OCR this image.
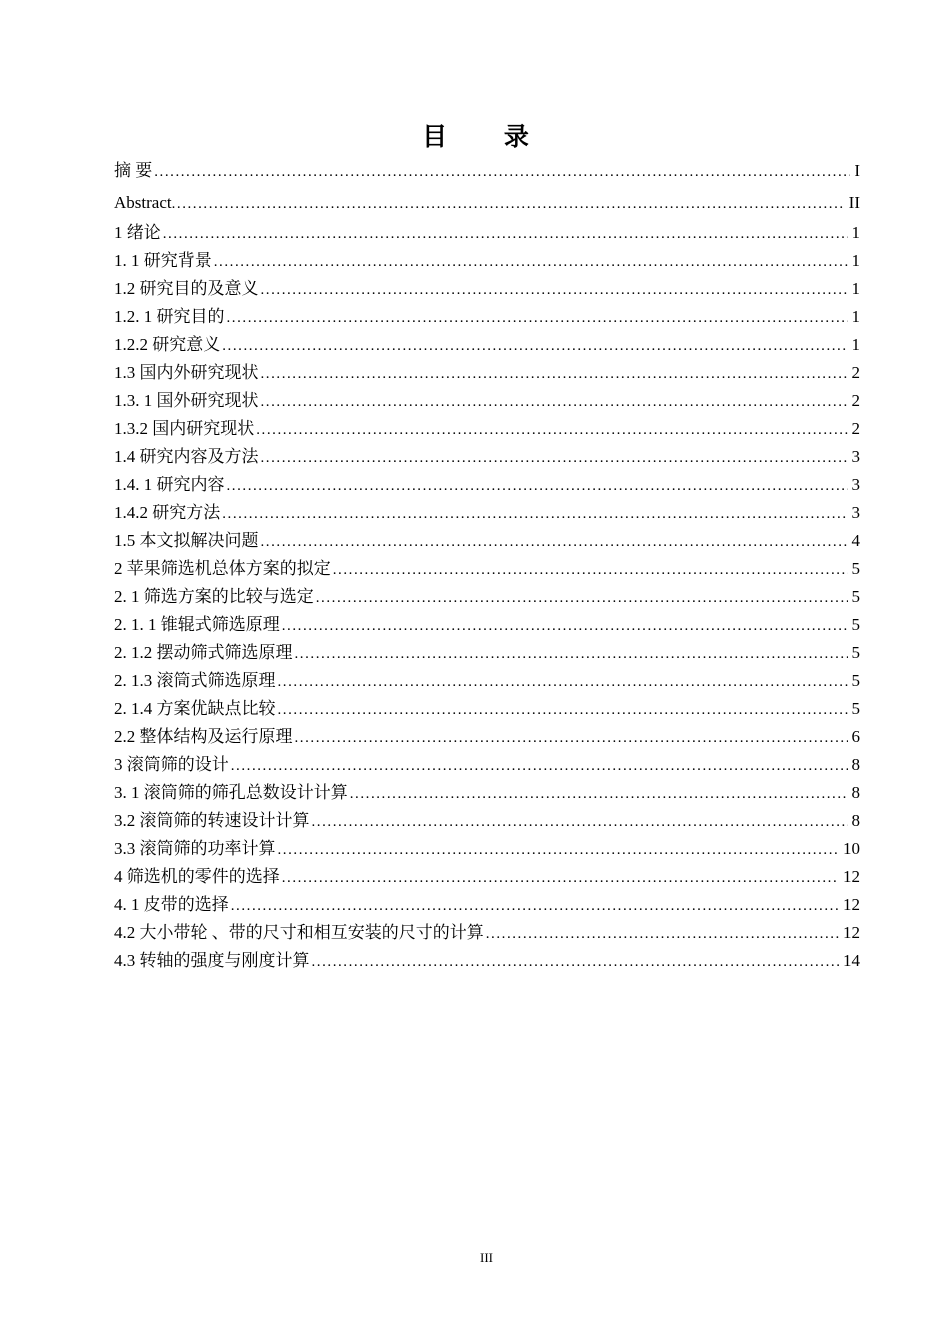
目 录
摘 要 . . .	I
Abstract . . .	II
1 绪论 . . .	1
1. 1 研究背景 . . .	1
1.2 研究目的及意义 . . .	1
1.2. 1 研究目的 . . .	1
1.2.2 研究意义 . . .	1
1.3 国内外研究现状 . . .	2
1.3. 1 国外研究现状 . . .	2
1.3.2 国内研究现状 . . .	2
1.4 研究内容及方法 . . .	3
1.4. 1 研究内容 . . .	3
1.4.2 研究方法 . . .	3
1.5 本文拟解决问题 . . .	4
2 苹果筛选机总体方案的拟定 . . .	5
2. 1 筛选方案的比较与选定 . . .	5
2. 1. 1 锥辊式筛选原理 . . .	5
2. 1.2 摆动筛式筛选原理 . . .	5
2. 1.3 滚筒式筛选原理 . . .	5
2. 1.4 方案优缺点比较 . . .	5
2.2 整体结构及运行原理 . . .	6
3 滚筒筛的设计 . . .	8
3. 1 滚筒筛的筛孔总数设计计算 . . .	8
3.2 滚筒筛的转速设计计算 . . .	8
3.3 滚筒筛的功率计算 . . .	10
4 筛选机的零件的选择 . . .	12
4. 1 皮带的选择 . . .	12
4.2 大小带轮 、带的尺寸和相互安装的尺寸的计算 . . .	12
4.3 转轴的强度与刚度计算 . . .	14
III
